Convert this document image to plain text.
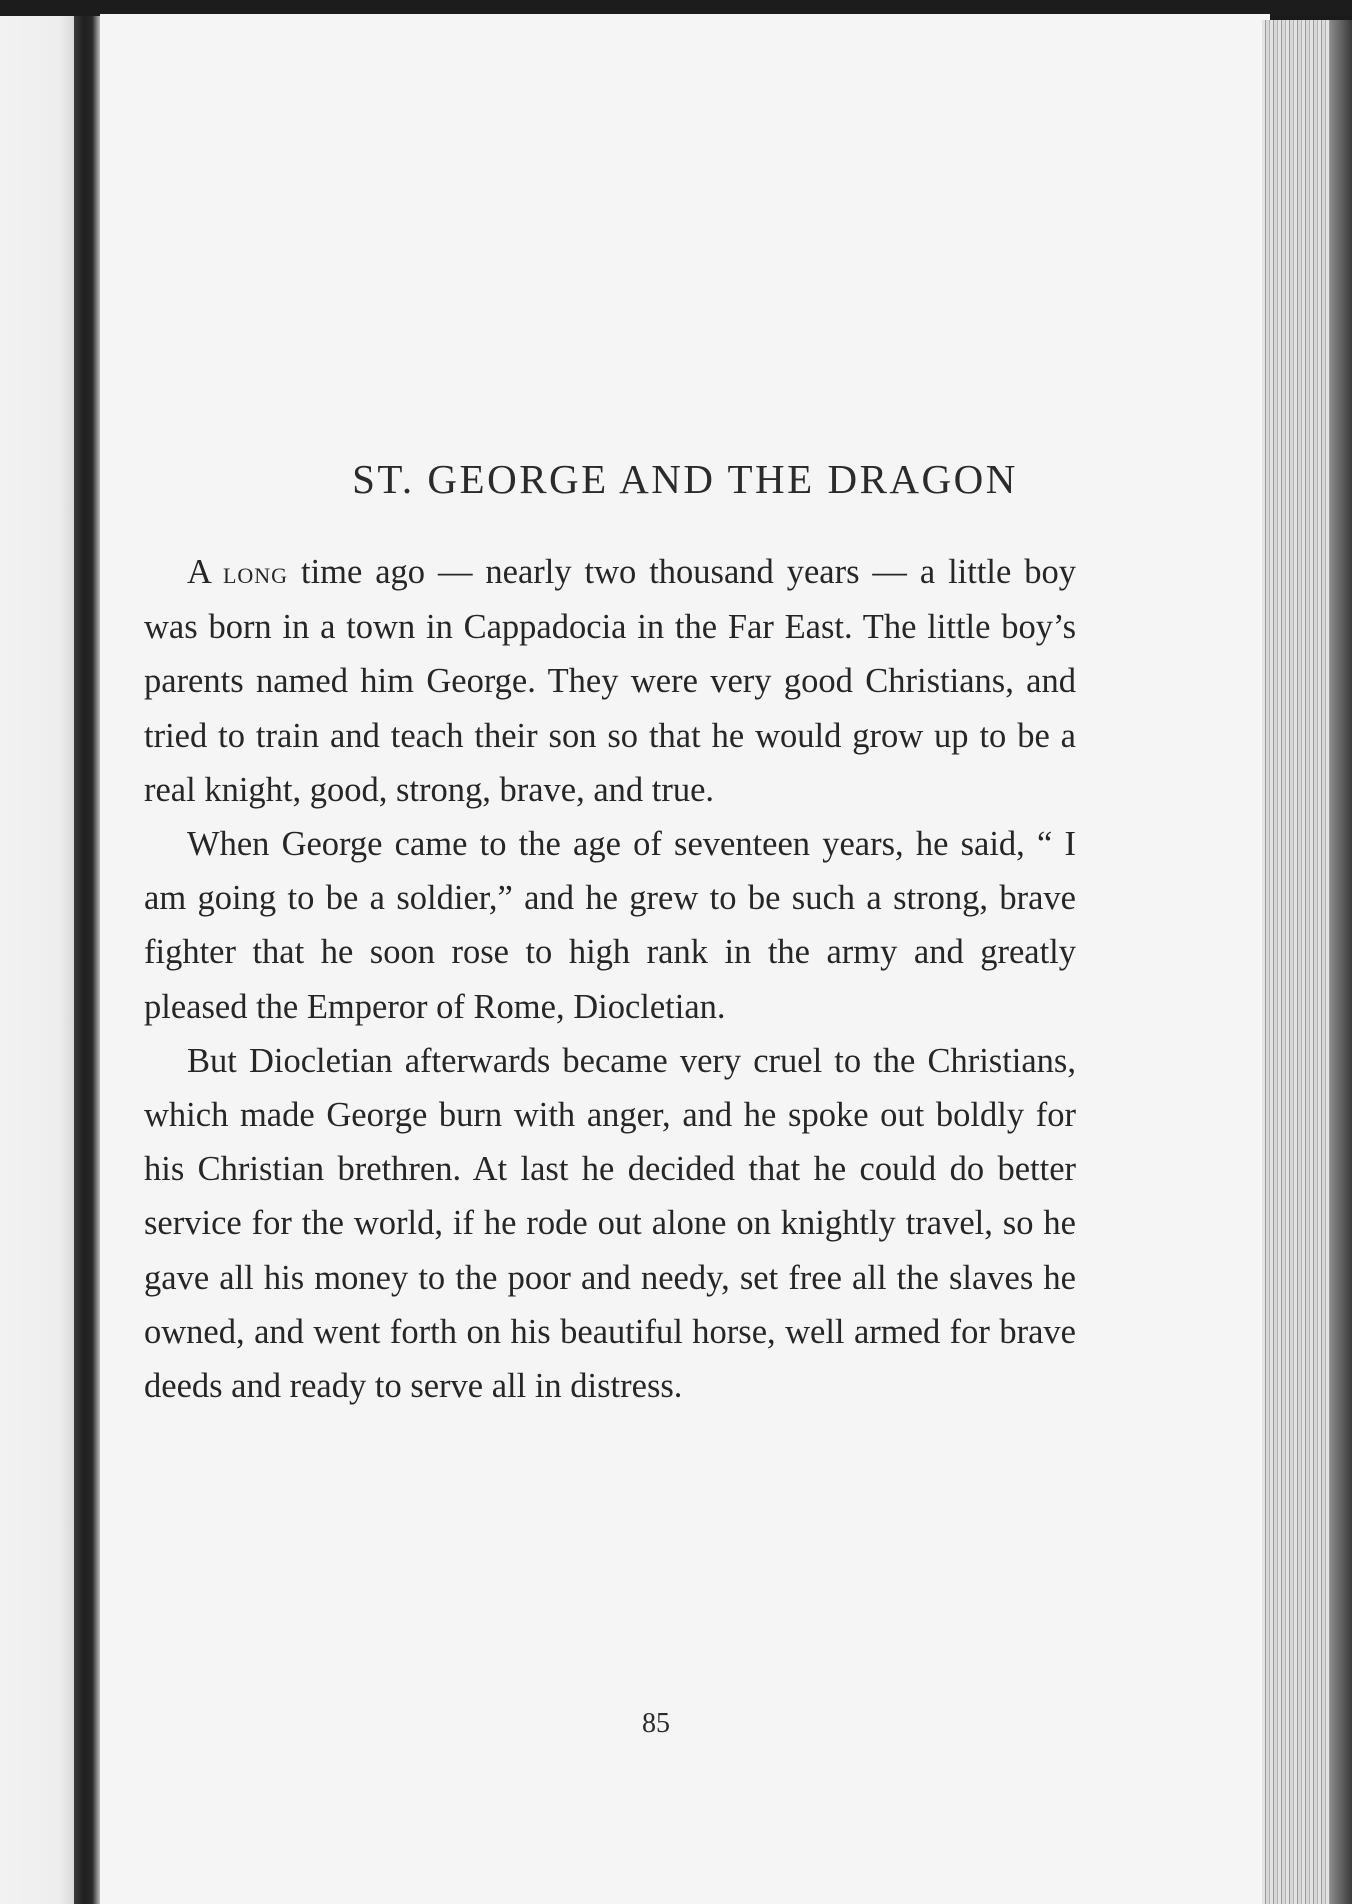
ST. GEORGE AND THE DRAGON

A long time ago — nearly two thousand years — a little boy was born in a town in Cappadocia in the Far East. The little boy’s parents named him George. They were very good Christians, and tried to train and teach their son so that he would grow up to be a real knight, good, strong, brave, and true.

When George came to the age of seventeen years, he said, “ I am going to be a soldier,” and he grew to be such a strong, brave fighter that he soon rose to high rank in the army and greatly pleased the Emperor of Rome, Diocletian.

But Diocletian afterwards became very cruel to the Christians, which made George burn with anger, and he spoke out boldly for his Christian brethren. At last he decided that he could do better service for the world, if he rode out alone on knightly travel, so he gave all his money to the poor and needy, set free all the slaves he owned, and went forth on his beautiful horse, well armed for brave deeds and ready to serve all in distress.

85
